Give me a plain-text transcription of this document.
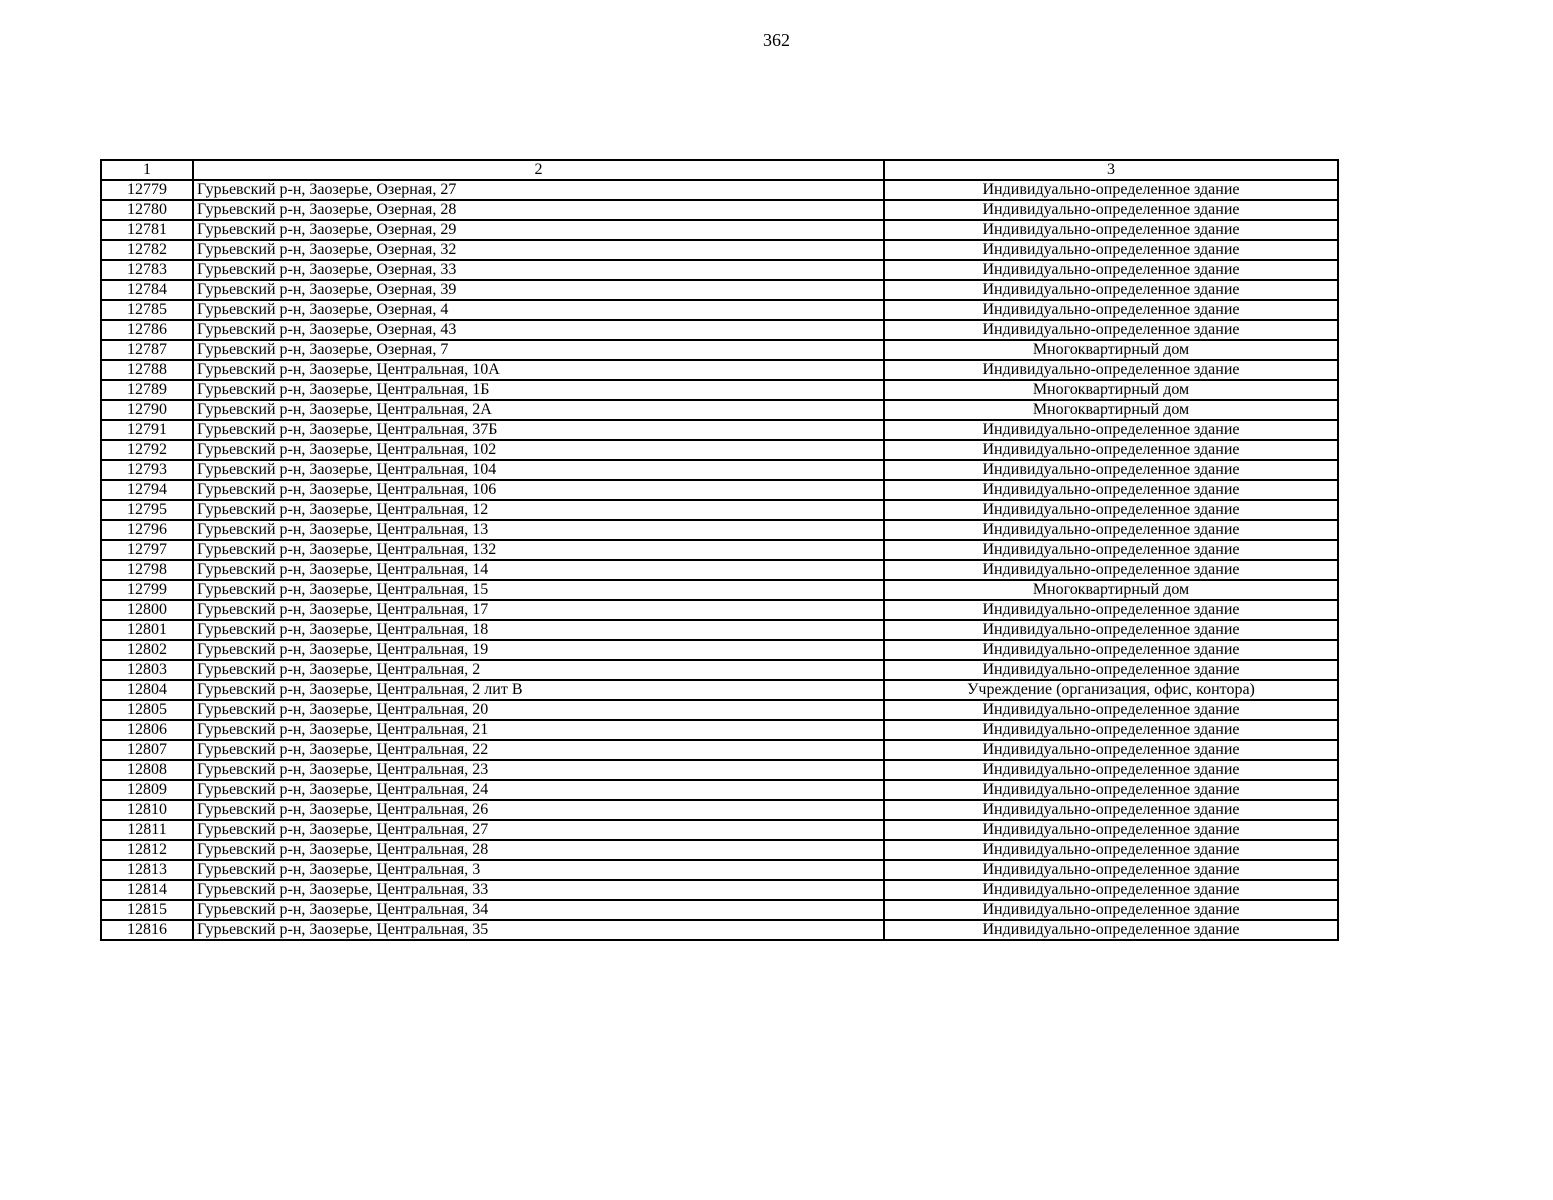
362
1	2	3
12779	Гурьевский р-н, Заозерье, Озерная, 27	Индивидуально-определенное здание
12780	Гурьевский р-н, Заозерье, Озерная, 28	Индивидуально-определенное здание
12781	Гурьевский р-н, Заозерье, Озерная, 29	Индивидуально-определенное здание
12782	Гурьевский р-н, Заозерье, Озерная, 32	Индивидуально-определенное здание
12783	Гурьевский р-н, Заозерье, Озерная, 33	Индивидуально-определенное здание
12784	Гурьевский р-н, Заозерье, Озерная, 39	Индивидуально-определенное здание
12785	Гурьевский р-н, Заозерье, Озерная, 4	Индивидуально-определенное здание
12786	Гурьевский р-н, Заозерье, Озерная, 43	Индивидуально-определенное здание
12787	Гурьевский р-н, Заозерье, Озерная, 7	Многоквартирный дом
12788	Гурьевский р-н, Заозерье, Центральная, 10А	Индивидуально-определенное здание
12789	Гурьевский р-н, Заозерье, Центральная, 1Б	Многоквартирный дом
12790	Гурьевский р-н, Заозерье, Центральная, 2А	Многоквартирный дом
12791	Гурьевский р-н, Заозерье, Центральная, 37Б	Индивидуально-определенное здание
12792	Гурьевский р-н, Заозерье, Центральная, 102	Индивидуально-определенное здание
12793	Гурьевский р-н, Заозерье, Центральная, 104	Индивидуально-определенное здание
12794	Гурьевский р-н, Заозерье, Центральная, 106	Индивидуально-определенное здание
12795	Гурьевский р-н, Заозерье, Центральная, 12	Индивидуально-определенное здание
12796	Гурьевский р-н, Заозерье, Центральная, 13	Индивидуально-определенное здание
12797	Гурьевский р-н, Заозерье, Центральная, 132	Индивидуально-определенное здание
12798	Гурьевский р-н, Заозерье, Центральная, 14	Индивидуально-определенное здание
12799	Гурьевский р-н, Заозерье, Центральная, 15	Многоквартирный дом
12800	Гурьевский р-н, Заозерье, Центральная, 17	Индивидуально-определенное здание
12801	Гурьевский р-н, Заозерье, Центральная, 18	Индивидуально-определенное здание
12802	Гурьевский р-н, Заозерье, Центральная, 19	Индивидуально-определенное здание
12803	Гурьевский р-н, Заозерье, Центральная, 2	Индивидуально-определенное здание
12804	Гурьевский р-н, Заозерье, Центральная, 2 лит В	Учреждение (организация, офис, контора)
12805	Гурьевский р-н, Заозерье, Центральная, 20	Индивидуально-определенное здание
12806	Гурьевский р-н, Заозерье, Центральная, 21	Индивидуально-определенное здание
12807	Гурьевский р-н, Заозерье, Центральная, 22	Индивидуально-определенное здание
12808	Гурьевский р-н, Заозерье, Центральная, 23	Индивидуально-определенное здание
12809	Гурьевский р-н, Заозерье, Центральная, 24	Индивидуально-определенное здание
12810	Гурьевский р-н, Заозерье, Центральная, 26	Индивидуально-определенное здание
12811	Гурьевский р-н, Заозерье, Центральная, 27	Индивидуально-определенное здание
12812	Гурьевский р-н, Заозерье, Центральная, 28	Индивидуально-определенное здание
12813	Гурьевский р-н, Заозерье, Центральная, 3	Индивидуально-определенное здание
12814	Гурьевский р-н, Заозерье, Центральная, 33	Индивидуально-определенное здание
12815	Гурьевский р-н, Заозерье, Центральная, 34	Индивидуально-определенное здание
12816	Гурьевский р-н, Заозерье, Центральная, 35	Индивидуально-определенное здание
